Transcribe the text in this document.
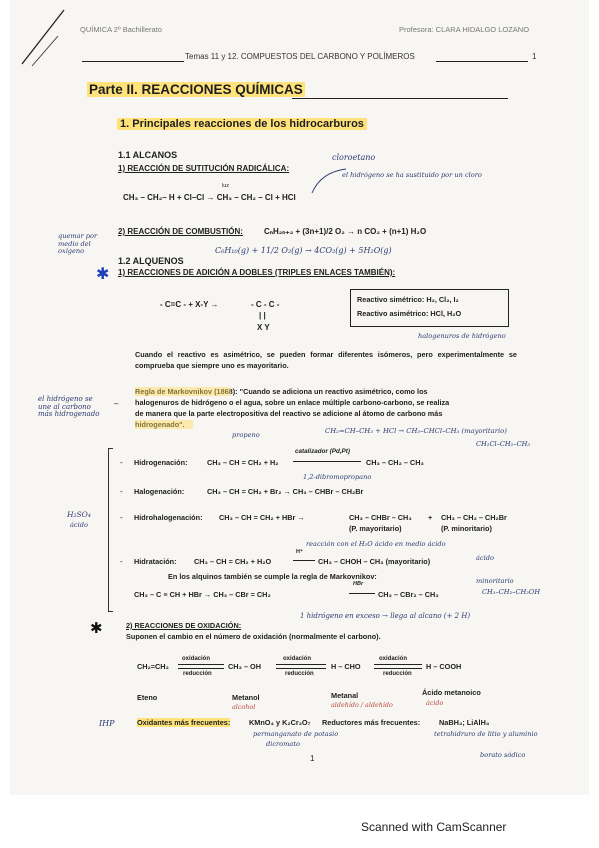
QUÍMICA 2º Bachillerato	Profesora: CLARA HIDALGO LOZANO
Temas 11 y 12. COMPUESTOS DEL CARBONO Y POLÍMEROS	1
Parte II. REACCIONES QUÍMICAS
1. Principales reacciones de los hidrocarburos
1.1 ALCANOS
1) REACCIÓN DE SUTITUCIÓN RADICÁLICA:
cloroetano
el hidrógeno se ha sustituido por un cloro
luz
CH₃ – CH₂– H + Cl–Cl → CH₃ – CH₂ – Cl + HCl
quemar por medio del oxígeno
2) REACCIÓN DE COMBUSTIÓN:	CₙH₂ₙ₊₂ + (3n+1)/2 O₂ → n CO₂ + (n+1) H₂O
C₆H₁₀(g) + 11/2 O₂(g) → 4CO₂(g) + 5H₂O(g)
1.2 ALQUENOS
✱ 1) REACCIONES DE ADICIÓN A DOBLES (TRIPLES ENLACES TAMBIÉN):
- C=C - + X-Y →	- C - C -
| |
X Y
Reactivo simétrico: H₂, Cl₂, I₂
Reactivo asimétrico: HCl, H₂O
halogenuros de hidrógeno
Cuando el reactivo es asimétrico, se pueden formar diferentes isómeros, pero experimentalmente se comprueba que siempre uno es mayoritario.
el hidrógeno se une al carbono más hidrogenado
–
Regla de Markovnikov (1868): "Cuando se adiciona un reactivo asimétrico, como los
halogenuros de hidrógeno o el agua, sobre un enlace múltiple carbono-carbono, se realiza
de manera que la parte electropositiva del reactivo se adicione al átomo de carbono más
hidrogenado".
propeno	CH₂=CH–CH₃ + HCl → CH₃–CHCl–CH₃ (mayoritario)
CH₂Cl–CH₂–CH₃
- Hidrogenación:	CH₃ – CH = CH₂ + H₂
catalizador (Pd,Pt)
CH₃ – CH₂ – CH₃
1,2-dibromopropano
- Halogenación:	CH₃ – CH = CH₂ + Br₂ → CH₃ – CHBr – CH₂Br
H₂SO₄
ácido
- Hidrohalogenación: CH₃ – CH = CH₂ + HBr →	CH₃ – CHBr – CH₃ + CH₃ – CH₂ – CH₂Br
(P. mayoritario)	(P. minoritario)
reacción con el H₂O ácido en medio ácido
- Hidratación: CH₃ – CH = CH₂ + H₂O
H⁺
CH₃ – CHOH – CH₃ (mayoritario)	ácido
En los alquinos también se cumple la regla de Markovnikov:	minoritario
CH₃–CH₂–CH₂OH
HBr
CH₃ – C ≡ CH + HBr → CH₃ – CBr = CH₂	CH₃ – CBr₂ – CH₃
1 hidrógeno en exceso → llega al alcano (+ 2 H)
✱	2) REACCIONES DE OXIDACIÓN:
Suponen el cambio en el número de oxidación (normalmente el carbono).
CH₂=CH₂
oxidación
reducción
CH₃ – OH
oxidación
reducción
H – CHO
oxidación
reducción
H – COOH
Eteno	Metanol	Metanal	Ácido metanoico
alcohol	aldehído / aldehído	ácido
IHP	Oxidantes más frecuentes:	KMnO₄ y K₂Cr₂O₇ Reductores más frecuentes:	NaBH₄; LiAlH₄
permanganato de potasio
dicromato
tetrahidruro de litio y aluminio
borato sódico
1
Scanned with CamScanner
